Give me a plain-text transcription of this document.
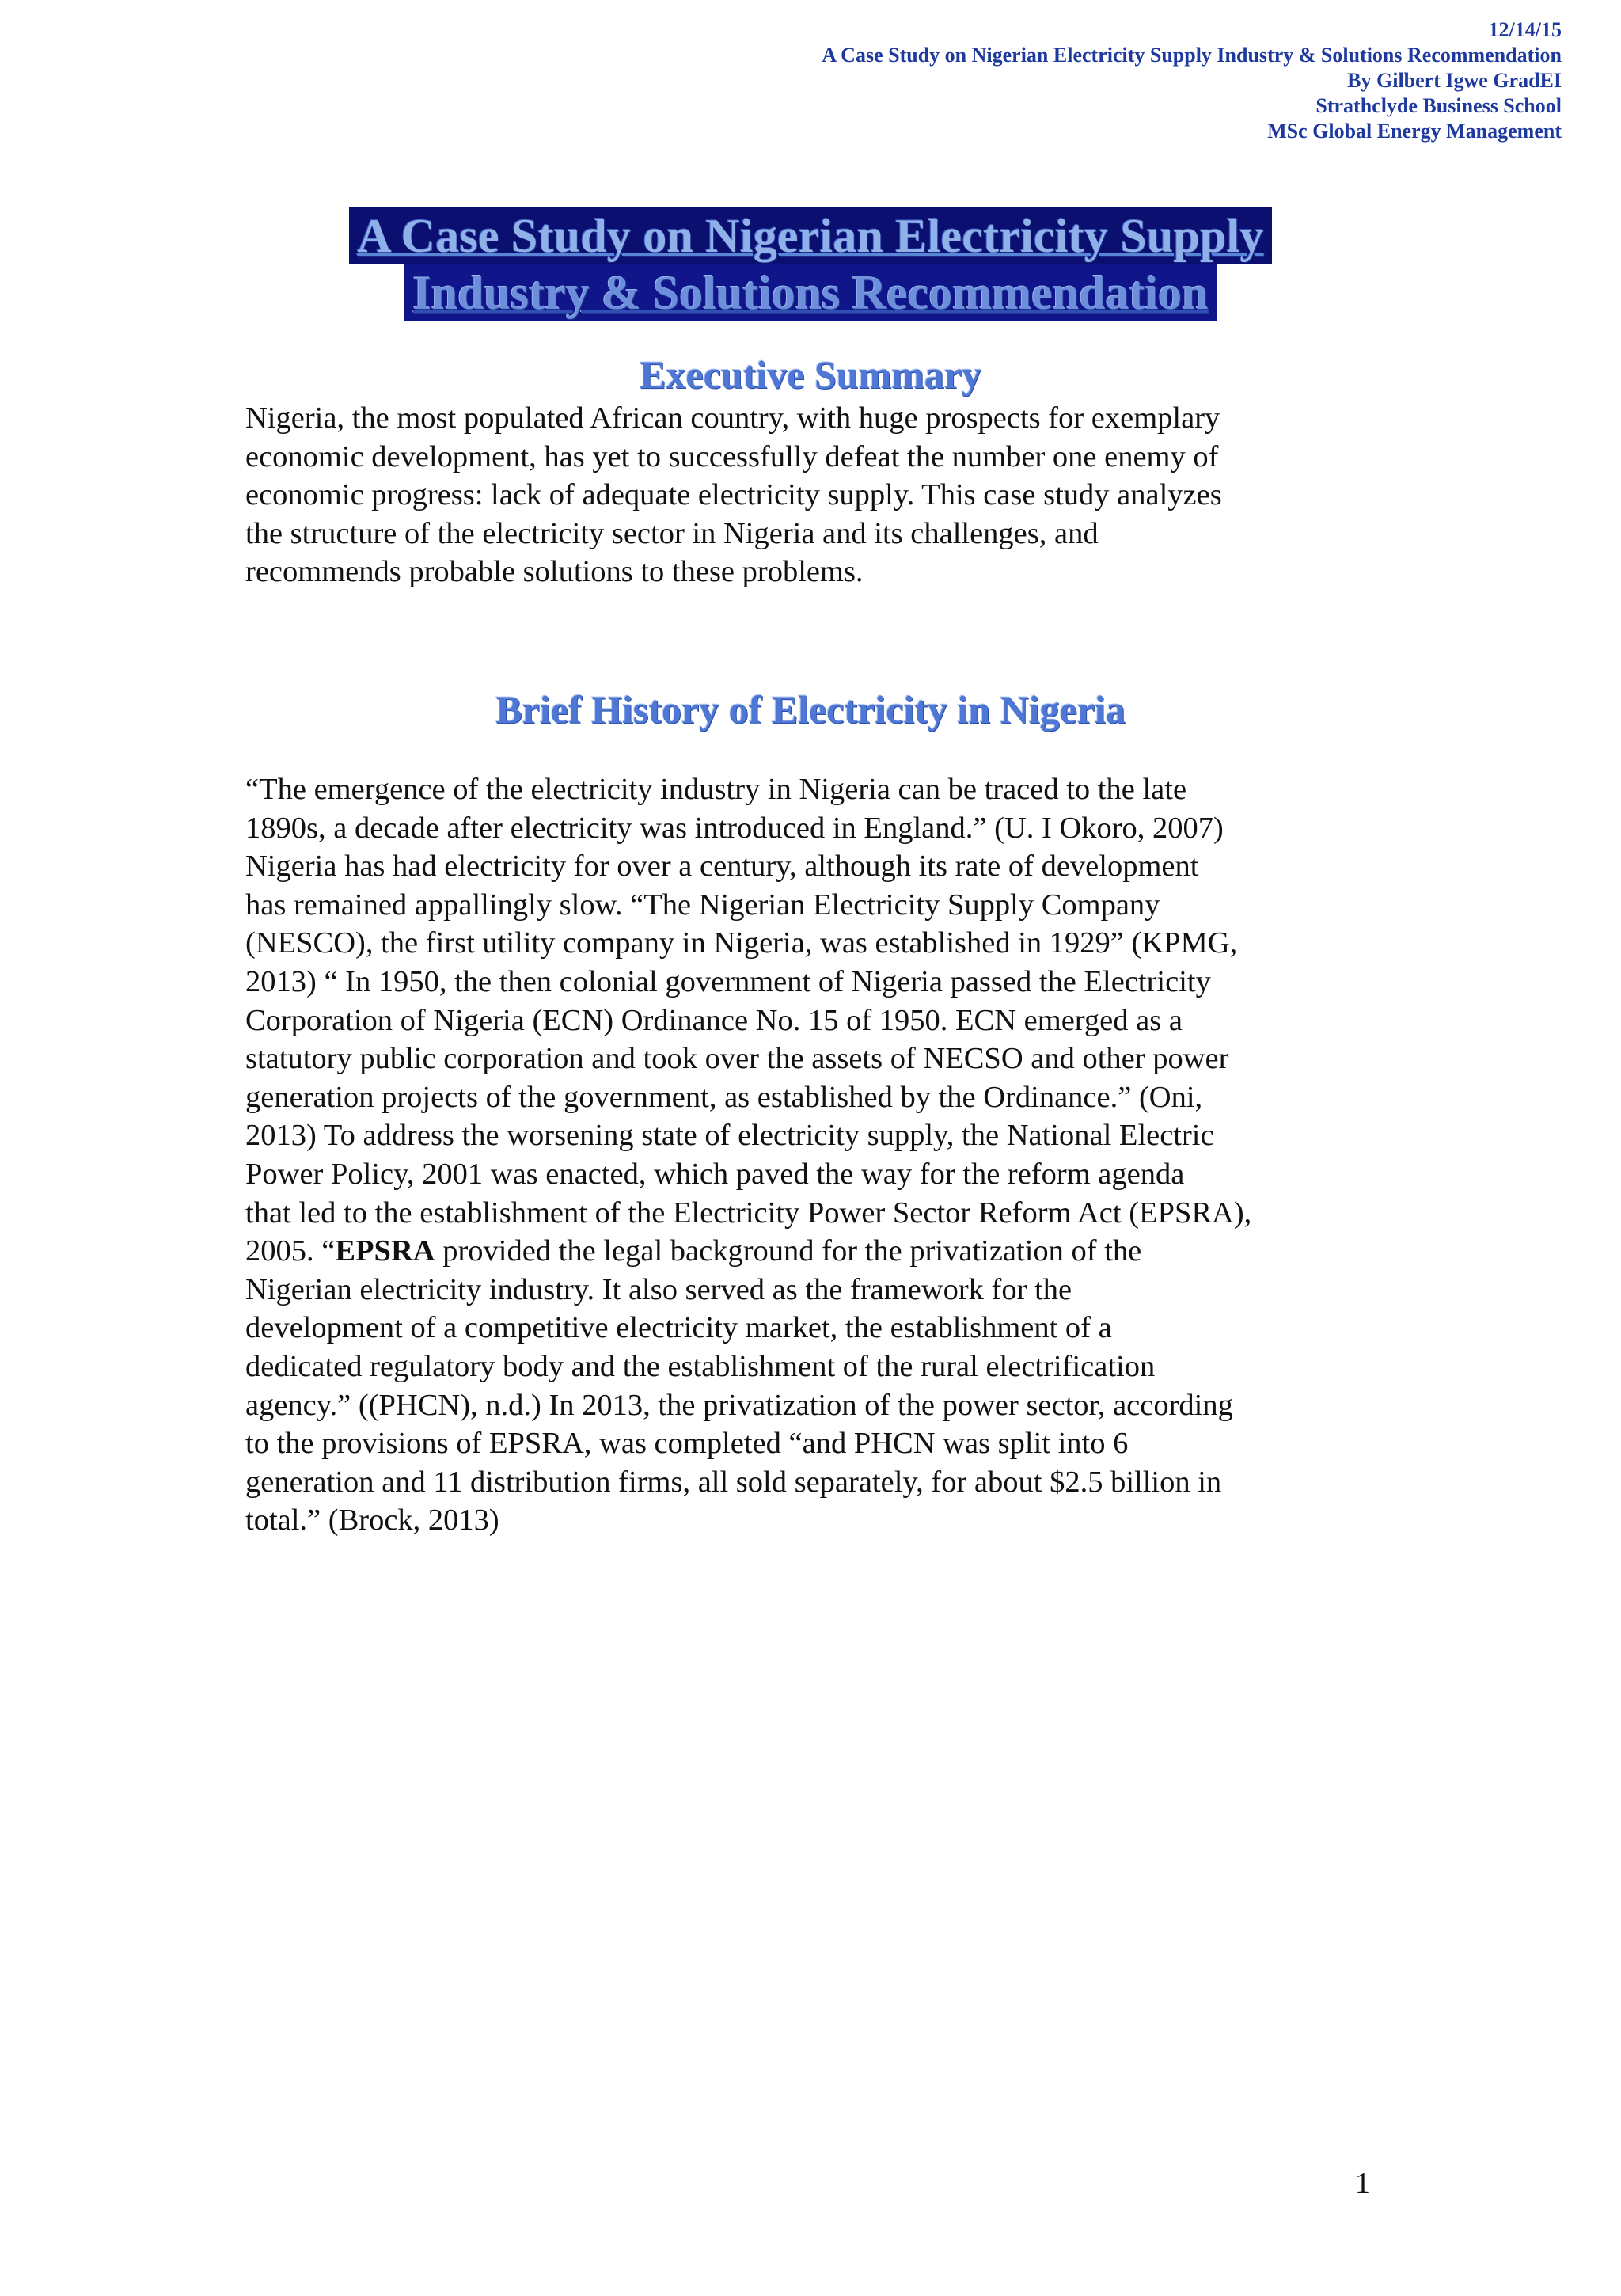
12/14/15
A Case Study on Nigerian Electricity Supply Industry & Solutions Recommendation
By Gilbert Igwe GradEI
Strathclyde Business School
MSc Global Energy Management
A Case Study on Nigerian Electricity Supply
Industry & Solutions Recommendation
Executive Summary
Nigeria, the most populated African country, with huge prospects for exemplary
economic development, has yet to successfully defeat the number one enemy of
economic progress: lack of adequate electricity supply. This case study analyzes
the structure of the electricity sector in Nigeria and its challenges, and
recommends probable solutions to these problems.
Brief History of Electricity in Nigeria
“The emergence of the electricity industry in Nigeria can be traced to the late
1890s, a decade after electricity was introduced in England.” (U. I Okoro, 2007)
Nigeria has had electricity for over a century, although its rate of development
has remained appallingly slow. “The Nigerian Electricity Supply Company
(NESCO), the first utility company in Nigeria, was established in 1929” (KPMG,
2013) “ In 1950, the then colonial government of Nigeria passed the Electricity
Corporation of Nigeria (ECN) Ordinance No. 15 of 1950. ECN emerged as a
statutory public corporation and took over the assets of NECSO and other power
generation projects of the government, as established by the Ordinance.” (Oni,
2013) To address the worsening state of electricity supply, the National Electric
Power Policy, 2001 was enacted, which paved the way for the reform agenda
that led to the establishment of the Electricity Power Sector Reform Act (EPSRA),
2005. “EPSRA provided the legal background for the privatization of the
Nigerian electricity industry. It also served as the framework for the
development of a competitive electricity market, the establishment of a
dedicated regulatory body and the establishment of the rural electrification
agency.” ((PHCN), n.d.) In 2013, the privatization of the power sector, according
to the provisions of EPSRA, was completed “and PHCN was split into 6
generation and 11 distribution firms, all sold separately, for about $2.5 billion in
total.” (Brock, 2013)
1
